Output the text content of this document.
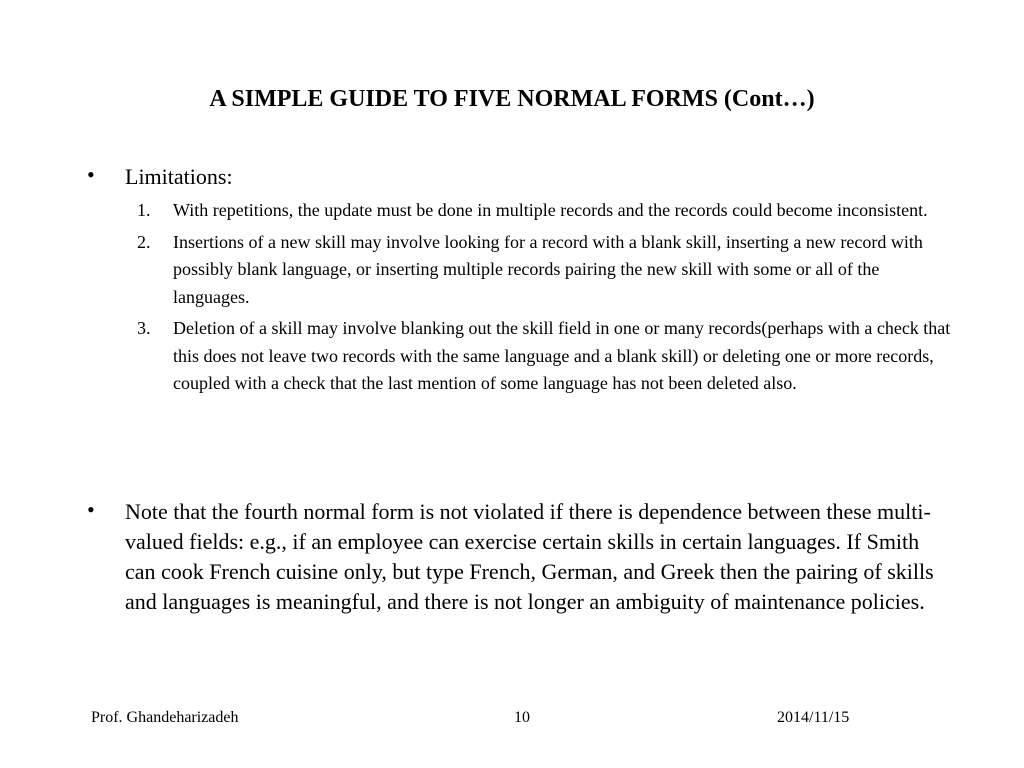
A SIMPLE GUIDE TO FIVE NORMAL FORMS (Cont…)
• Limitations:
1. With repetitions, the update must be done in multiple records and the records could become inconsistent.
2. Insertions of a new skill may involve looking for a record with a blank skill, inserting a new record with possibly blank language, or inserting multiple records pairing the new skill with some or all of the languages.
3. Deletion of a skill may involve blanking out the skill field in one or many records(perhaps with a check that this does not leave two records with the same language and a blank skill) or deleting one or more records, coupled with a check that the last mention of some language has not been deleted also.
• Note that the fourth normal form is not violated if there is dependence between these multi-valued fields: e.g., if an employee can exercise certain skills in certain languages. If Smith can cook French cuisine only, but type French, German, and Greek then the pairing of skills and languages is meaningful, and there is not longer an ambiguity of maintenance policies.
Prof. Ghandeharizadeh	10	2014/11/15
